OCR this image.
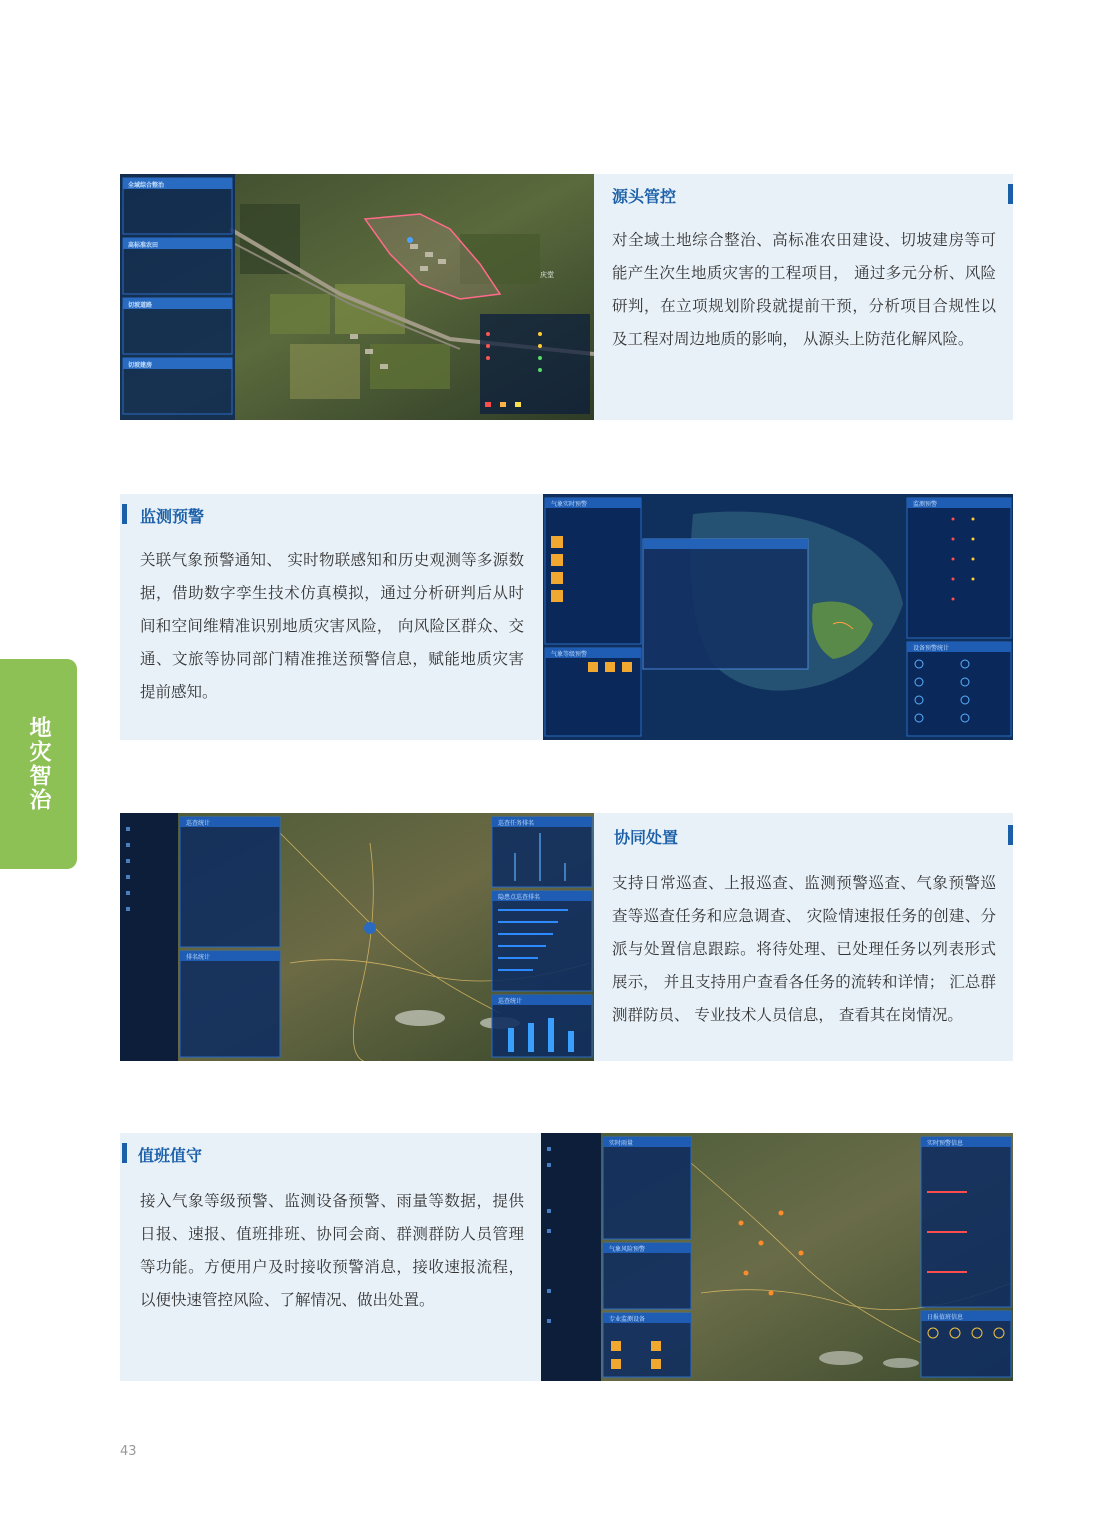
地灾智治
全域综合整治
高标准农田
切坡道路
切坡建房
庆堂
源头管控
对全域土地综合整治、高标准农田建设、切坡建房等可能产生次生地质灾害的工程项目， 通过多元分析、风险研判，在立项规划阶段就提前干预，分析项目合规性以及工程对周边地质的影响， 从源头上防范化解风险。
监测预警
关联气象预警通知、 实时物联感知和历史观测等多源数据，借助数字孪生技术仿真模拟，通过分析研判后从时间和空间维精准识别地质灾害风险， 向风险区群众、交通、文旅等协同部门精准推送预警信息，赋能地质灾害提前感知。
气象实时预警	监测预警
气象等级预警
设备预警统计
巡查统计
排名统计
巡查任务排名
隐患点巡查排名
巡查统计
协同处置
支持日常巡查、上报巡查、监测预警巡查、气象预警巡查等巡查任务和应急调查、 灾险情速报任务的创建、分派与处置信息跟踪。将待处理、已处理任务以列表形式展示， 并且支持用户查看各任务的流转和详情； 汇总群测群防员、 专业技术人员信息， 查看其在岗情况。
值班值守
接入气象等级预警、监测设备预警、雨量等数据，提供日报、速报、值班排班、协同会商、群测群防人员管理等功能。方便用户及时接收预警消息，接收速报流程，以便快速管控风险、了解情况、做出处置。
实时雨量
气象风险预警
专业监测设备
实时预警信息
日报值班信息
43
